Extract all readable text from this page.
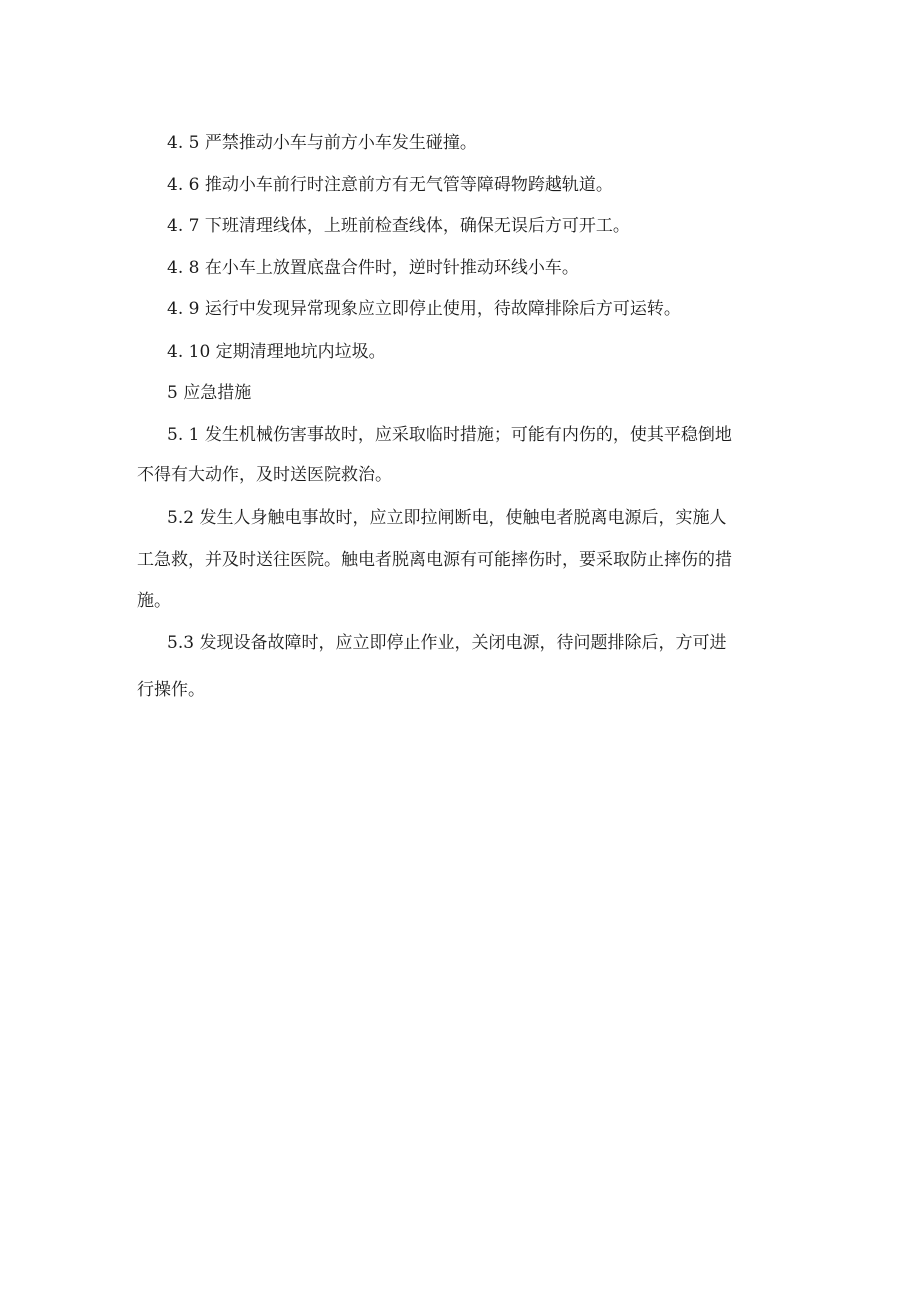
4. 5 严禁推动小车与前方小车发生碰撞。
4. 6 推动小车前行时注意前方有无气管等障碍物跨越轨道。
4. 7 下班清理线体，上班前检查线体，确保无误后方可开工。
4. 8 在小车上放置底盘合件时，逆时针推动环线小车。
4. 9 运行中发现异常现象应立即停止使用，待故障排除后方可运转。
4. 10 定期清理地坑内垃圾。
5 应急措施
5. 1 发生机械伤害事故时，应采取临时措施；可能有内伤的，使其平稳倒地
不得有大动作，及时送医院救治。
5.2 发生人身触电事故时，应立即拉闸断电，使触电者脱离电源后，实施人
工急救，并及时送往医院。触电者脱离电源有可能摔伤时，要采取防止摔伤的措
施。
5.3 发现设备故障时，应立即停止作业，关闭电源，待问题排除后，方可进
行操作。
